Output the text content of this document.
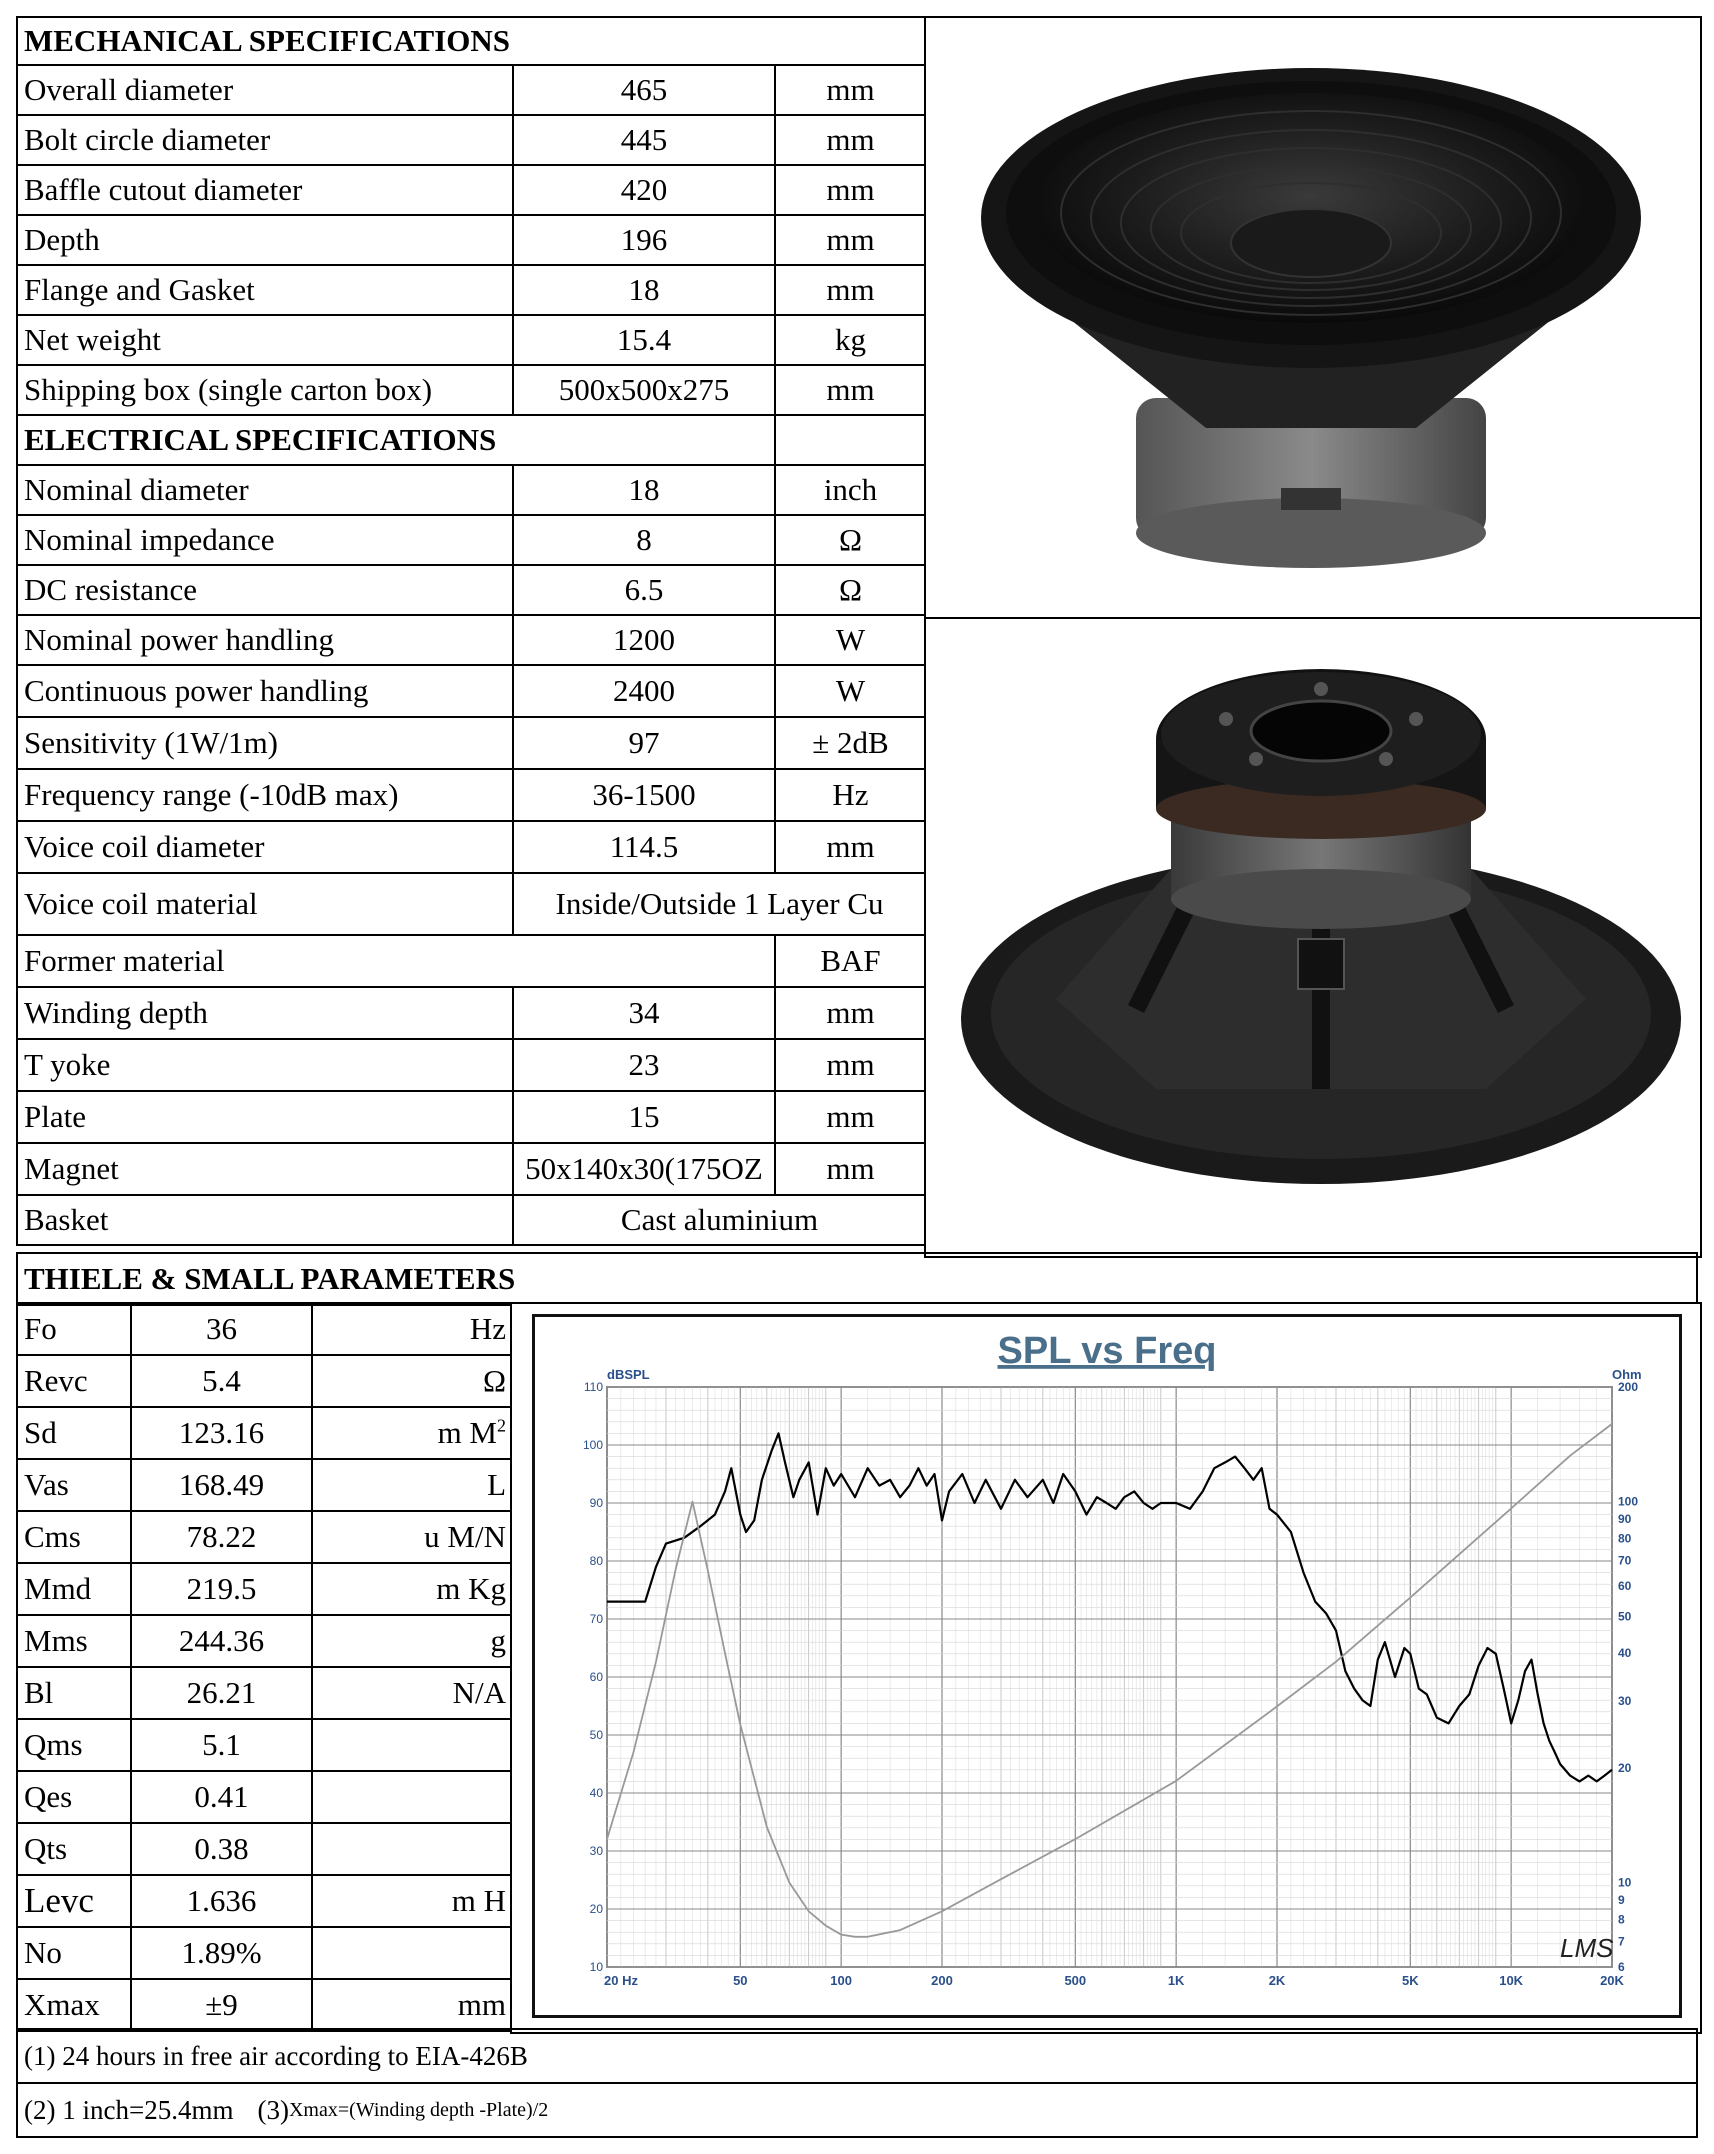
MECHANICAL SPECIFICATIONS		
Overall diameter	465	mm
Bolt circle diameter	445	mm
Baffle cutout diameter	420	mm
Depth	196	mm
Flange and Gasket	18	mm
Net weight	15.4	kg
Shipping box (single carton box)	500x500x275	mm
ELECTRICAL SPECIFICATIONS		
Nominal diameter	18	inch
Nominal impedance	8	Ω
DC resistance	6.5	Ω
Nominal power handling	1200	W
Continuous power handling	2400	W
Sensitivity (1W/1m)	97	± 2dB
Frequency range (-10dB max)	36-1500	Hz
Voice coil diameter	114.5	mm
Voice coil material	Inside/Outside 1 Layer Cu	
Former material		BAF
Winding depth	34	mm
T yoke	23	mm
Plate	15	mm
Magnet	50x140x30(175OZ	mm
Basket	Cast aluminium	
THIELE & SMALL PARAMETERS
Fo	36	Hz
Revc	5.4	Ω
Sd	123.16	m $M^2$
Vas	168.49	L
Cms	78.22	u M/N
Mmd	219.5	m Kg
Mms	244.36	g
Bl	26.21	N/A
Qms	5.1	
Qes	0.41	
Qts	0.38	
Levc	1.636	m H
No	1.89%	
Xmax	±9	mm
SPL vs Freq
dBSPL	Ohm
20 Hz	50	100	200	500	1K	2K	5K	10K	20K
10
20
30
40
50
60
70
80
90
100
110
6
7
8
9
10
20
30
40
50
60
70
80
90
100
200
LMS
(1) 24 hours in free air according to EIA-426B
(2) 1 inch=25.4mm (3) Xmax=(Winding depth -Plate)/2
